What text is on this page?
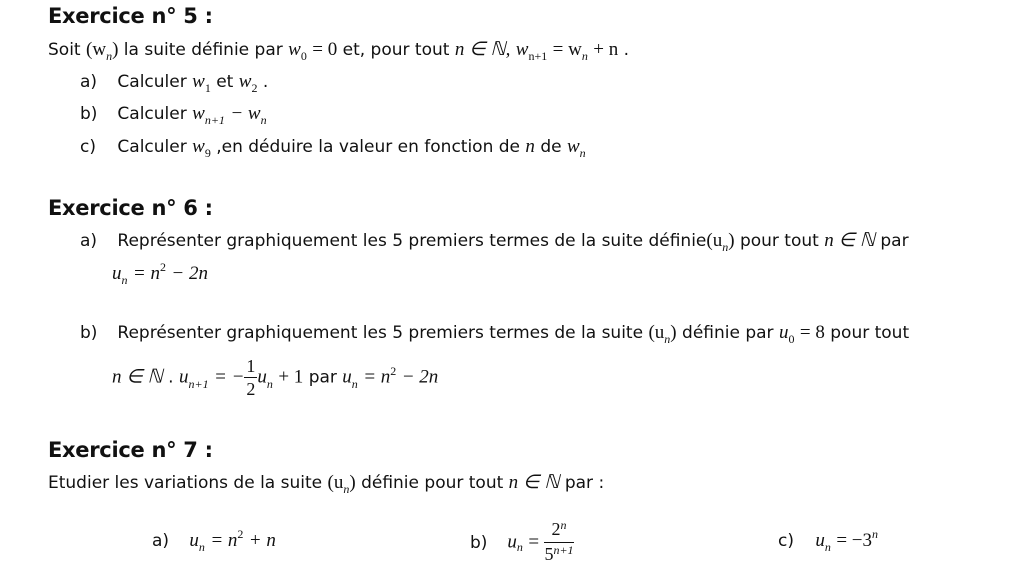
Exercice n° 5 :
Soit $(w_n)$ la suite définie par $w_0 = 0$ et, pour tout n ∈ ℕ, $w_{n+1} = w_n + n$ .
a) Calculer $w_1$ et $w_2$ .
b) Calculer $w_{n+1} - w_n$
c) Calculer $w_9$ ,en déduire la valeur en fonction de n de $w_n$
Exercice n° 6 :
a) Représenter graphiquement les 5 premiers termes de la suite $définie(u_n)$ pour tout n ∈ ℕ par
$u_n = n^2 - 2n$
b) Représenter graphiquement les 5 premiers termes de la suite $(u_n)$ définie par $u_0 = 8$ pour tout
n ∈ ℕ . $u_{n+1}$ = − $\frac{1}{2} u_n + 1$ par $u_n = n^2 - 2n$
Exercice n° 7 :
Etudier les variations de la suite $(u_n)$ définie pour tout n ∈ ℕ par :
a) $u_n = n^2 + n$	b) $u_n = \frac{2^n}{5^{n+1}}$	c) $u_n = -3^n$
